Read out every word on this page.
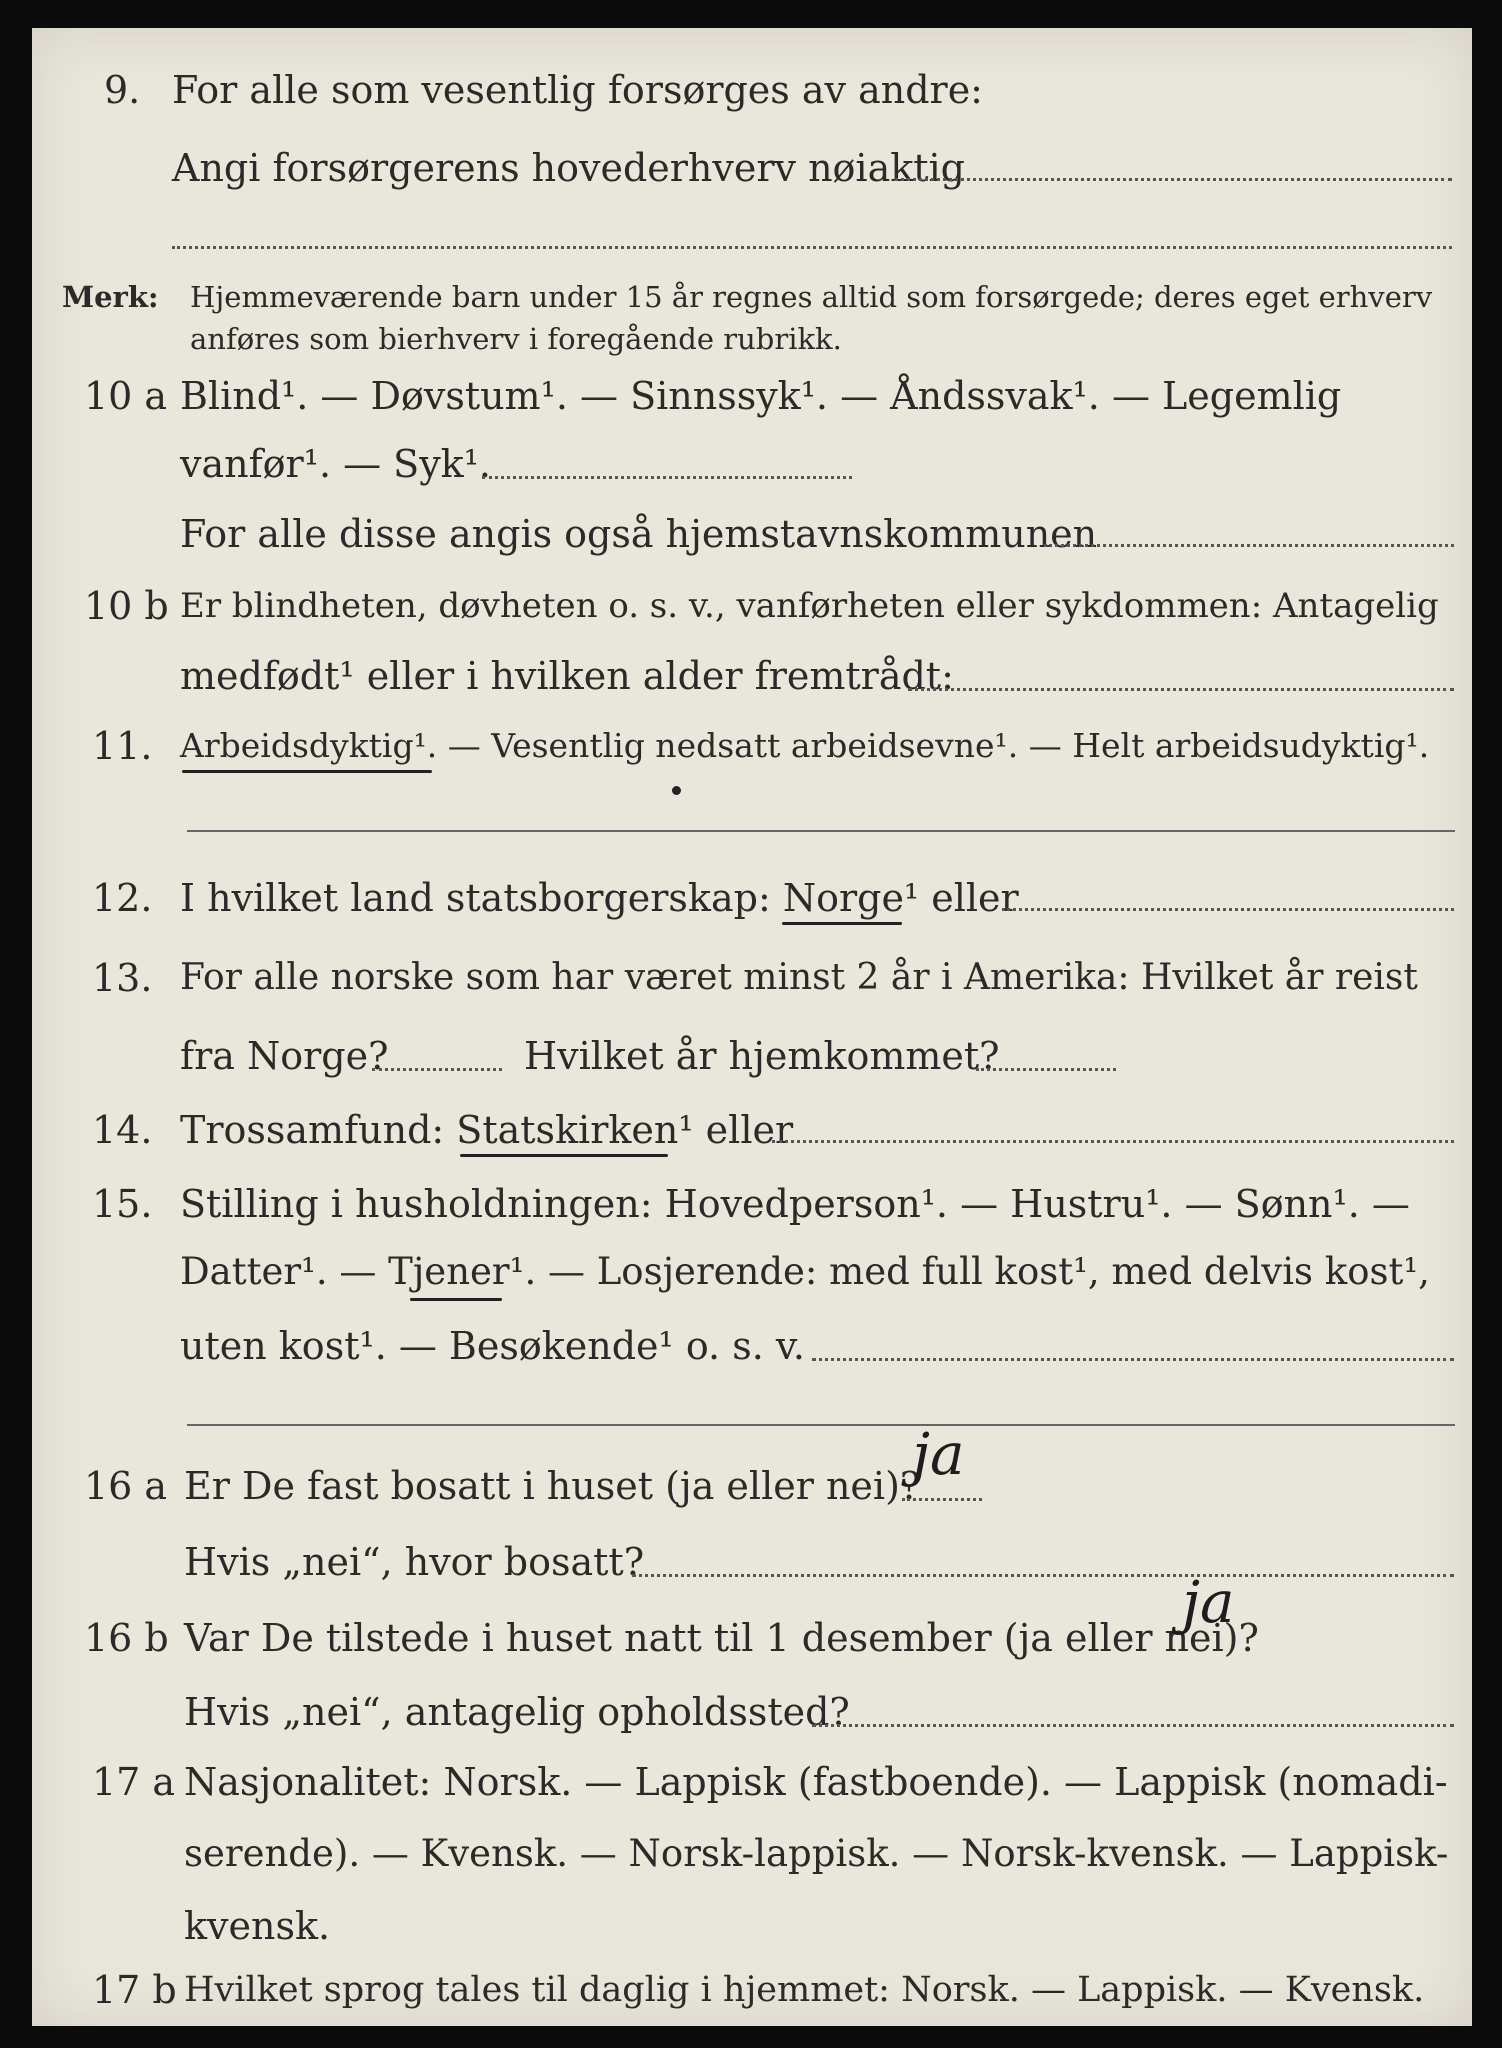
9. For alle som vesentlig forsørges av andre:
Angi forsørgerens hovederhverv nøiaktig
Merk: Hjemmeværende barn under 15 år regnes alltid som forsørgede; deres eget erhverv
anføres som bierhverv i foregående rubrikk.
10 a Blind¹. — Døvstum¹. — Sinnssyk¹. — Åndssvak¹. — Legemlig
vanfør¹. — Syk¹.
For alle disse angis også hjemstavnskommunen
10 b Er blindheten, døvheten o. s. v., vanførheten eller sykdommen: Antagelig
medfødt¹ eller i hvilken alder fremtrådt:
11. Arbeidsdyktig¹. — Vesentlig nedsatt arbeidsevne¹. — Helt arbeidsudyktig¹.
12. I hvilket land statsborgerskap: Norge¹ eller
13. For alle norske som har været minst 2 år i Amerika: Hvilket år reist
fra Norge?	Hvilket år hjemkommet?
14. Trossamfund: Statskirken¹ eller
15. Stilling i husholdningen: Hovedperson¹. — Hustru¹. — Sønn¹. —
Datter¹. — Tjener¹. — Losjerende: med full kost¹, med delvis kost¹,
uten kost¹. — Besøkende¹ o. s. v.
16 a Er De fast bosatt i huset (ja eller nei)?
ja
Hvis „nei“, hvor bosatt?
16 b Var De tilstede i huset natt til 1 desember (ja eller nei)?
ja
Hvis „nei“, antagelig opholdssted?
17 a Nasjonalitet: Norsk. — Lappisk (fastboende). — Lappisk (nomadi-
serende). — Kvensk. — Norsk-lappisk. — Norsk-kvensk. — Lappisk-
kvensk.
17 b Hvilket sprog tales til daglig i hjemmet: Norsk. — Lappisk. — Kvensk.
